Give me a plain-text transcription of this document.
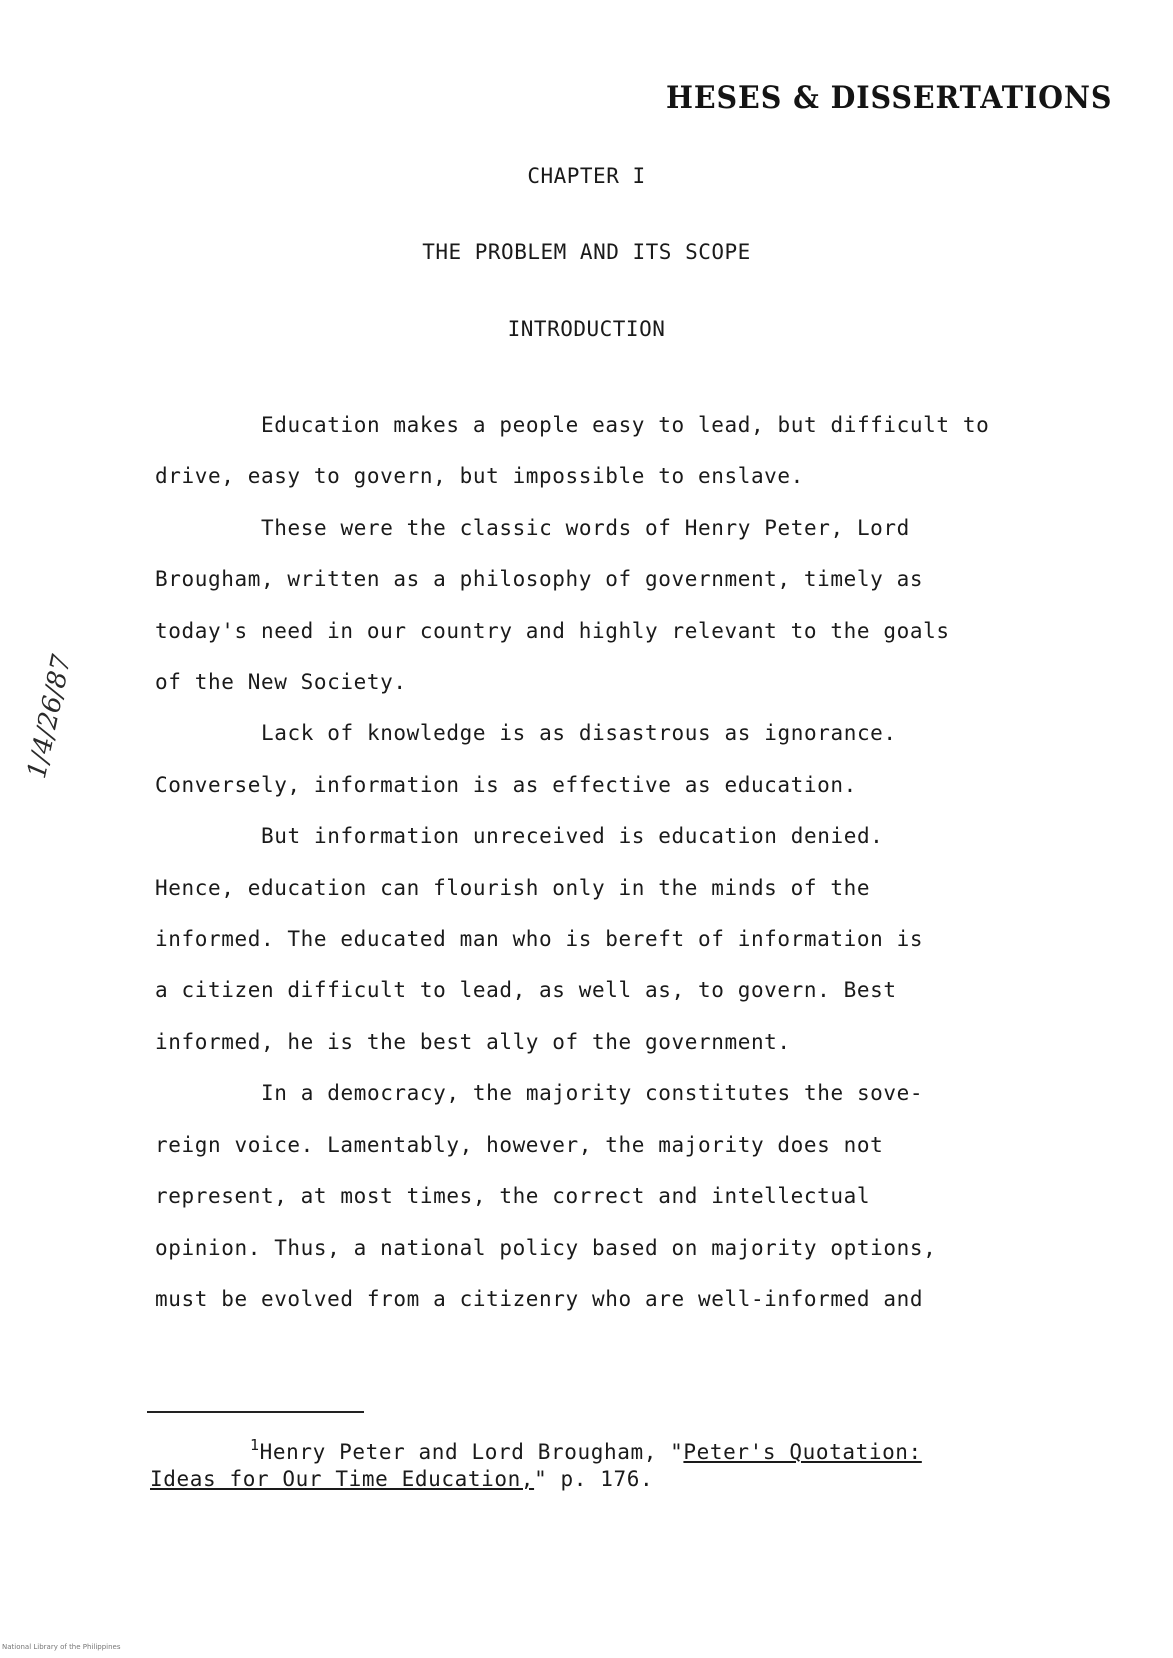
HESES & DISSERTATIONS
CHAPTER I
THE PROBLEM AND ITS SCOPE
INTRODUCTION

Education makes a people easy to lead, but difficult to
drive, easy to govern, but impossible to enslave.

These were the classic words of Henry Peter, Lord
Brougham, written as a philosophy of government, timely as
today's need in our country and highly relevant to the goals
of the New Society.

Lack of knowledge is as disastrous as ignorance.
Conversely, information is as effective as education.

But information unreceived is education denied.
Hence, education can flourish only in the minds of the
informed. The educated man who is bereft of information is
a citizen difficult to lead, as well as, to govern. Best
informed, he is the best ally of the government.

In a democracy, the majority constitutes the sove-
reign voice. Lamentably, however, the majority does not
represent, at most times, the correct and intellectual
opinion. Thus, a national policy based on majority options,
must be evolved from a citizenry who are well-informed and

$^1$Henry Peter and Lord Brougham, "Peter's Quotation:
Ideas for Our Time Education," p. 176.
1/4/26/87
National Library of the Philippines
